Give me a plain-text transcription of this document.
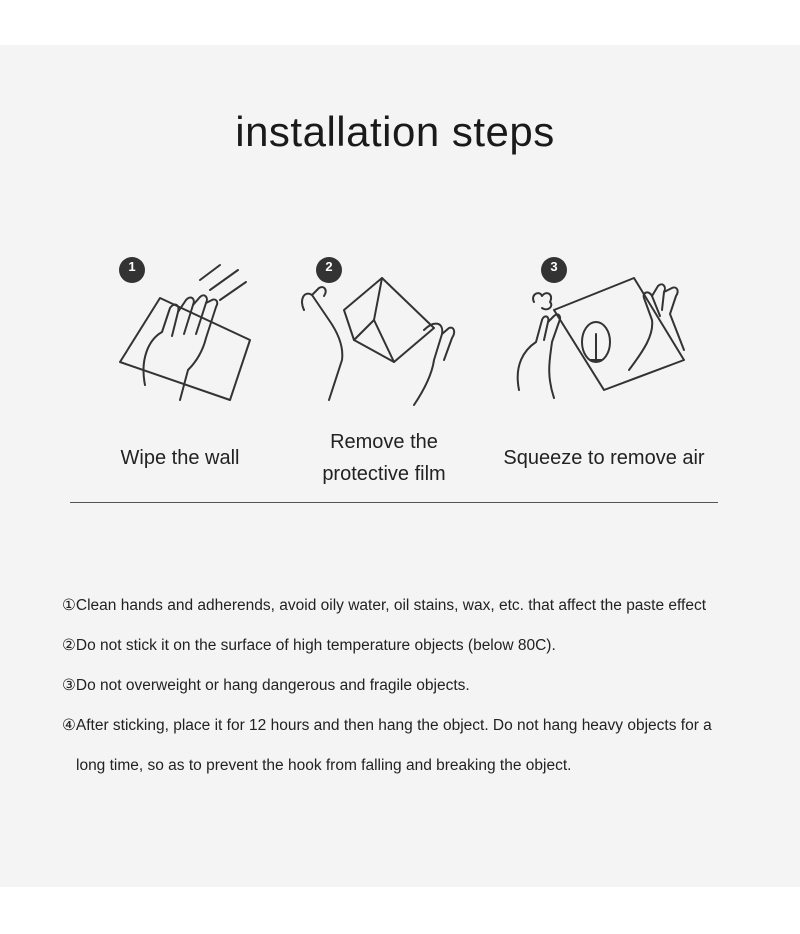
installation steps
Wipe the wall
1
Remove the
protective film
2
Squeeze to remove air
3

①Clean hands and adherends, avoid oily water, oil stains, wax, etc. that affect the paste effect

②Do not stick it on the surface of high temperature objects (below 80C).

③Do not overweight or hang dangerous and fragile objects.

④After sticking, place it for 12 hours and then hang the object. Do not hang heavy objects for a

long time, so as to prevent the hook from falling and breaking the object.
